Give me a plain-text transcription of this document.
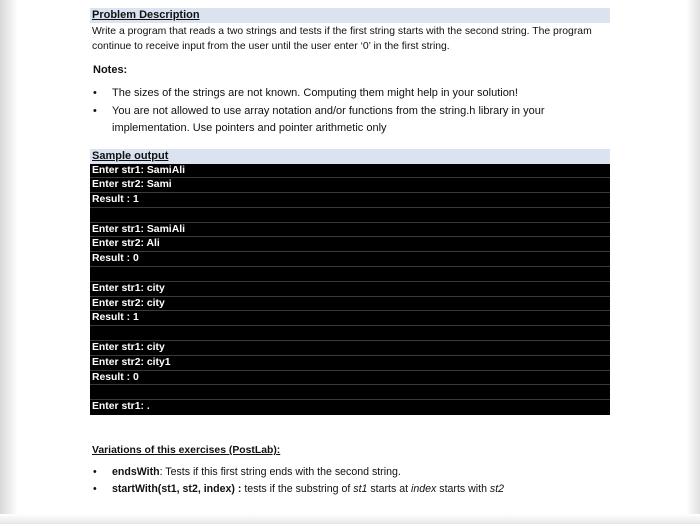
Problem Description
Write a program that reads a two strings and tests if the first string starts with the second string. The program continue to receive input from the user until the user enter ‘0’ in the first string.
Notes:
• The sizes of the strings are not known. Computing them might help in your solution!
• You are not allowed to use array notation and/or functions from the string.h library in your implementation. Use pointers and pointer arithmetic only
Sample output
Enter str1: SamiAli
Enter str2: Sami
Result : 1
Enter str1: SamiAli
Enter str2: Ali
Result : 0
Enter str1: city
Enter str2: city
Result : 1
Enter str1: city
Enter str2: city1
Result : 0
Enter str1: .
Variations of this exercises (PostLab):
• endsWith: Tests if this first string ends with the second string.
• startWith(st1, st2, index) : tests if the substring of st1 starts at index starts with st2
